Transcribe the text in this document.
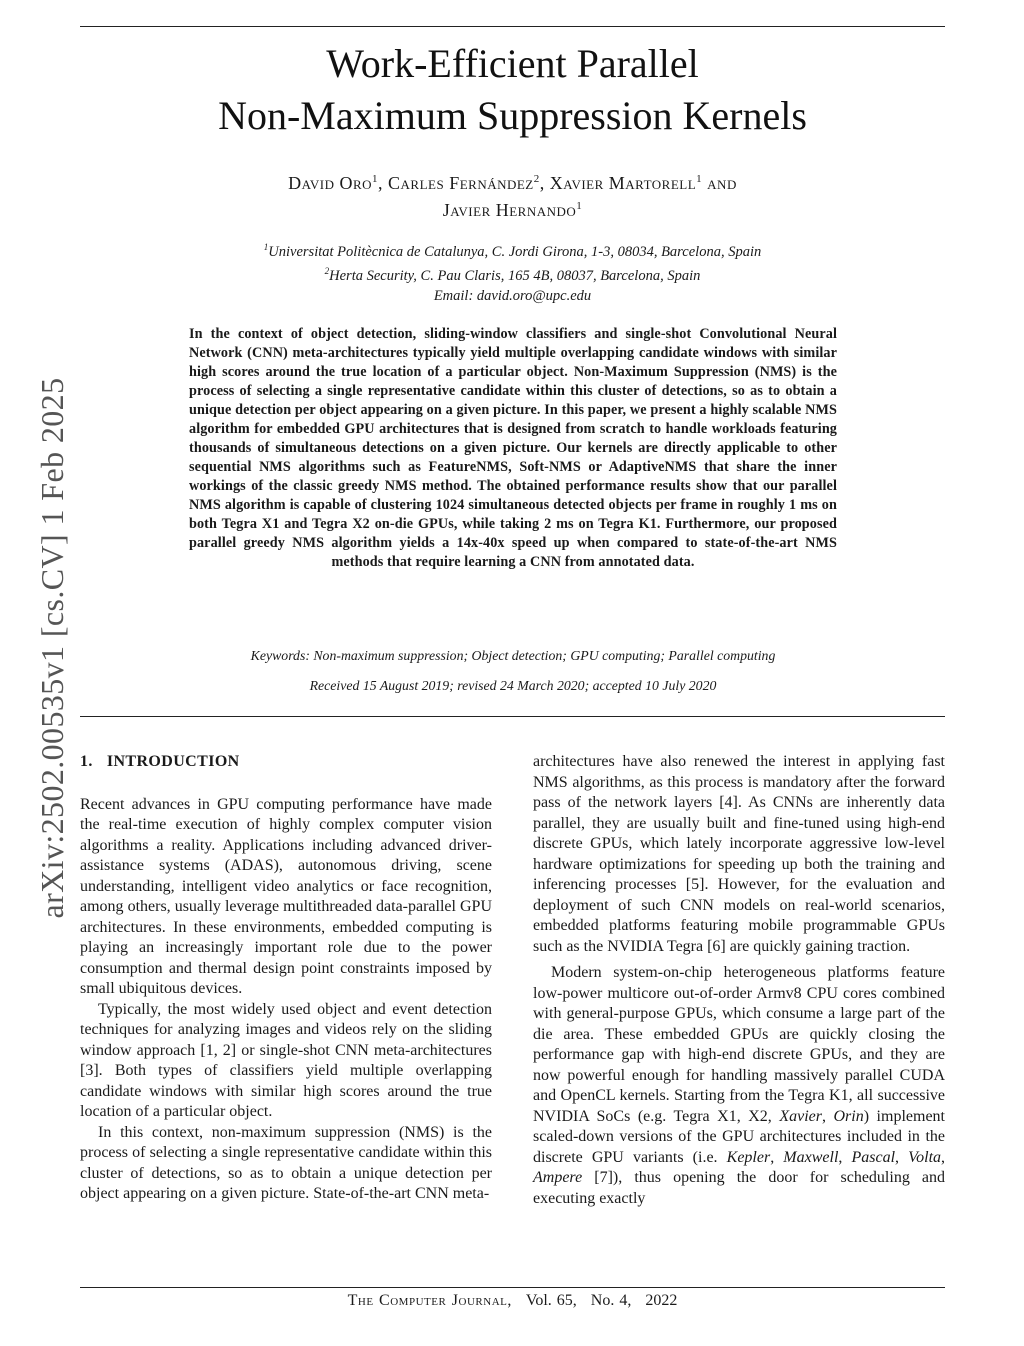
arXiv:2502.00535v1 [cs.CV] 1 Feb 2025
Work-Efficient Parallel
Non-Maximum Suppression Kernels
David Oro$^1$, Carles Fernández$^2$, Xavier Martorell$^1$ and
Javier Hernando$^1$
$^1$Universitat Politècnica de Catalunya, C. Jordi Girona, 1-3, 08034, Barcelona, Spain
$^2$Herta Security, C. Pau Claris, 165 4B, 08037, Barcelona, Spain
Email: david.oro@upc.edu

In the context of object detection, sliding-window classifiers and single-shot Convolutional Neural Network (CNN) meta-architectures typically yield multiple overlapping candidate windows with similar high scores around the true location of a particular object. Non-Maximum Suppression (NMS) is the process of selecting a single representative candidate within this cluster of detections, so as to obtain a unique detection per object appearing on a given picture. In this paper, we present a highly scalable NMS algorithm for embedded GPU architectures that is designed from scratch to handle workloads featuring thousands of simultaneous detections on a given picture. Our kernels are directly applicable to other sequential NMS algorithms such as FeatureNMS, Soft-NMS or AdaptiveNMS that share the inner workings of the classic greedy NMS method. The obtained performance results show that our parallel NMS algorithm is capable of clustering 1024 simultaneous detected objects per frame in roughly 1 ms on both Tegra X1 and Tegra X2 on-die GPUs, while taking 2 ms on Tegra K1. Furthermore, our proposed parallel greedy NMS algorithm yields a 14x-40x speed up when compared to state-of-the-art NMS methods that require learning a CNN from annotated data.

Keywords: Non-maximum suppression; Object detection; GPU computing; Parallel computing
Received 15 August 2019; revised 24 March 2020; accepted 10 July 2020
1. INTRODUCTION

Recent advances in GPU computing performance have made the real-time execution of highly complex computer vision algorithms a reality. Applications including advanced driver-assistance systems (ADAS), autonomous driving, scene understanding, intelligent video analytics or face recognition, among others, usually leverage multithreaded data-parallel GPU architectures. In these environments, embedded computing is playing an increasingly important role due to the power consumption and thermal design point constraints imposed by small ubiquitous devices.

Typically, the most widely used object and event detection techniques for analyzing images and videos rely on the sliding window approach [1, 2] or single-shot CNN meta-architectures [3]. Both types of classifiers yield multiple overlapping candidate windows with similar high scores around the true location of a particular object.

In this context, non-maximum suppression (NMS) is the process of selecting a single representative candidate within this cluster of detections, so as to obtain a unique detection per object appearing on a given picture. State-of-the-art CNN meta-

architectures have also renewed the interest in applying fast NMS algorithms, as this process is mandatory after the forward pass of the network layers [4]. As CNNs are inherently data parallel, they are usually built and fine-tuned using high-end discrete GPUs, which lately incorporate aggressive low-level hardware optimizations for speeding up both the training and inferencing processes [5]. However, for the evaluation and deployment of such CNN models on real-world scenarios, embedded platforms featuring mobile programmable GPUs such as the NVIDIA Tegra [6] are quickly gaining traction.

Modern system-on-chip heterogeneous platforms feature low-power multicore out-of-order Armv8 CPU cores combined with general-purpose GPUs, which consume a large part of the die area. These embedded GPUs are quickly closing the performance gap with high-end discrete GPUs, and they are now powerful enough for handling massively parallel CUDA and OpenCL kernels. Starting from the Tegra K1, all successive NVIDIA SoCs (e.g. Tegra X1, X2, Xavier, Orin) implement scaled-down versions of the GPU architectures included in the discrete GPU variants (i.e. Kepler, Maxwell, Pascal, Volta, Ampere [7]), thus opening the door for scheduling and executing exactly

The Computer Journal, Vol. 65, No. 4, 2022
